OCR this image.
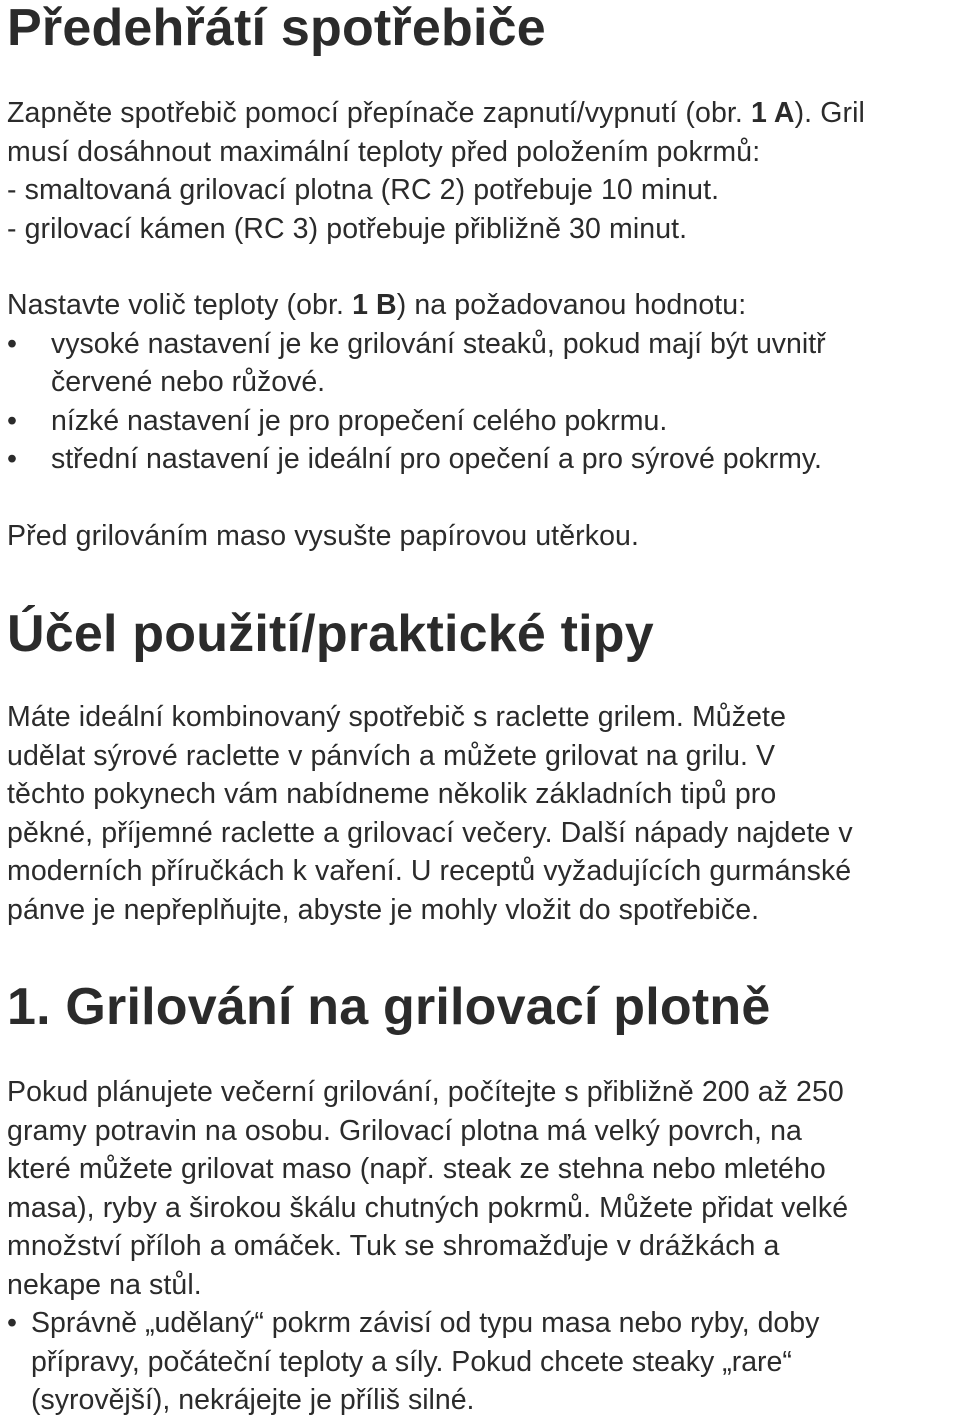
Předehřátí spotřebiče
Zapněte spotřebič pomocí přepínače zapnutí/vypnutí (obr. 1 A). Gril
musí dosáhnout maximální teploty před položením pokrmů:
- smaltovaná grilovací plotna (RC 2) potřebuje 10 minut.
- grilovací kámen (RC 3) potřebuje přibližně 30 minut.
Nastavte volič teploty (obr. 1 B) na požadovanou hodnotu:
• vysoké nastavení je ke grilování steaků, pokud mají být uvnitř
červené nebo růžové.
• nízké nastavení je pro propečení celého pokrmu.
• střední nastavení je ideální pro opečení a pro sýrové pokrmy.
Před grilováním maso vysušte papírovou utěrkou.
Účel použití/praktické tipy
Máte ideální kombinovaný spotřebič s raclette grilem. Můžete
udělat sýrové raclette v pánvích a můžete grilovat na grilu. V
těchto pokynech vám nabídneme několik základních tipů pro
pěkné, příjemné raclette a grilovací večery. Další nápady najdete v
moderních příručkách k vaření. U receptů vyžadujících gurmánské
pánve je nepřeplňujte, abyste je mohly vložit do spotřebiče.
1. Grilování na grilovací plotně
Pokud plánujete večerní grilování, počítejte s přibližně 200 až 250
gramy potravin na osobu. Grilovací plotna má velký povrch, na
které můžete grilovat maso (např. steak ze stehna nebo mletého
masa), ryby a širokou škálu chutných pokrmů. Můžete přidat velké
množství příloh a omáček. Tuk se shromažďuje v drážkách a
nekape na stůl.
• Správně „udělaný“ pokrm závisí od typu masa nebo ryby, doby
přípravy, počáteční teploty a síly. Pokud chcete steaky „rare“
(syrovější), nekrájejte je příliš silné.
